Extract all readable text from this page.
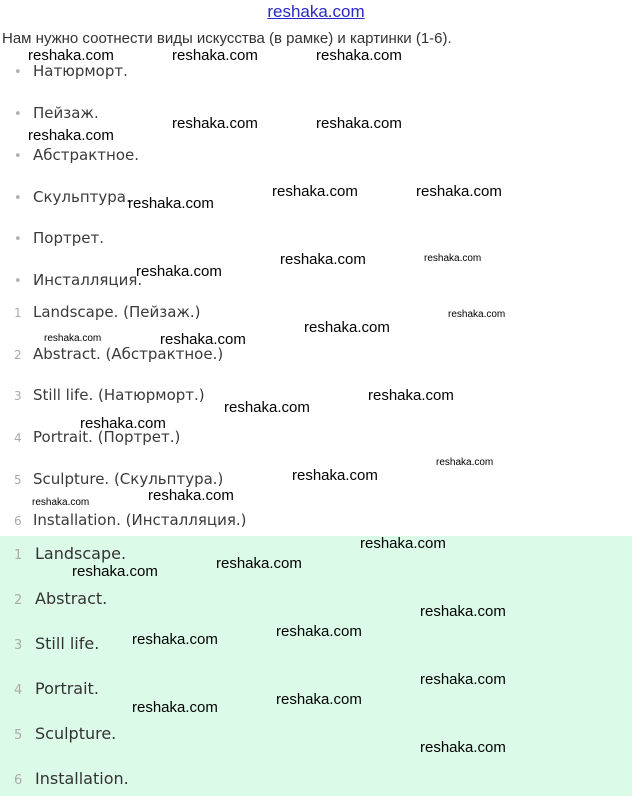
reshaka.com
Нам нужно соотнести виды искусства (в рамке) и картинки (1-6).
• Натюрморт.
• Пейзаж.
• Абстрактное.
• Скульптура.
• Портрет.
• Инсталляция.
1 Landscape. (Пейзаж.)
2 Abstract. (Абстрактное.)
3 Still life. (Натюрморт.)
4 Portrait. (Портрет.)
5 Sculpture. (Скульптура.)
6 Installation. (Инсталляция.)
1 Landscape.
2 Abstract.
3 Still life.
4 Portrait.
5 Sculpture.
6 Installation.
reshaka.com	reshaka.com	reshaka.com
reshaka.com
reshaka.com	reshaka.com
reshaka.com
reshaka.com	reshaka.com
reshaka.com
reshaka.com	reshaka.com
reshaka.com	reshaka.com
reshaka.com
reshaka.com
reshaka.com
reshaka.com
reshaka.com
reshaka.com	reshaka.com
reshaka.com
reshaka.com
reshaka.com	reshaka.com
reshaka.com
reshaka.com
reshaka.com	reshaka.com
reshaka.com
reshaka.com	reshaka.com
reshaka.com
